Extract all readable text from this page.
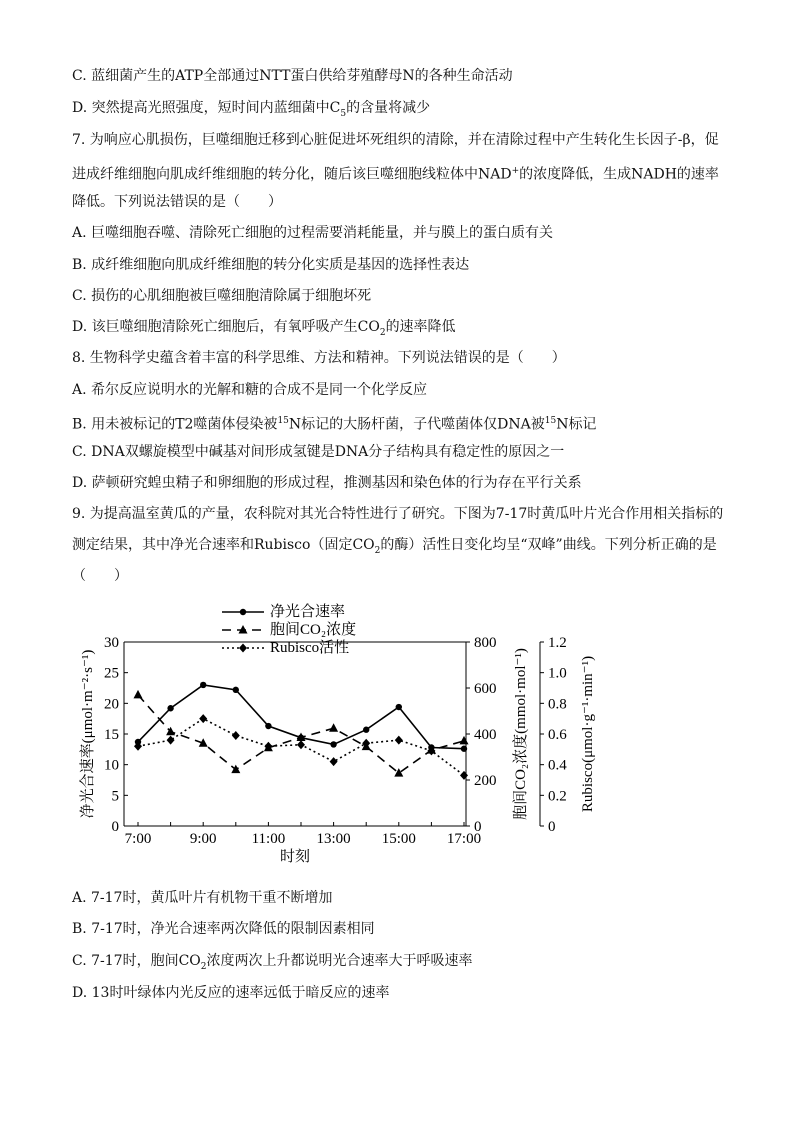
C. 蓝细菌产生的ATP全部通过NTT蛋白供给芽殖酵母N的各种生命活动
D. 突然提高光照强度，短时间内蓝细菌中$C_5$的含量将减少
7. 为响应心肌损伤，巨噬细胞迁移到心脏促进坏死组织的清除，并在清除过程中产生转化生长因子-β，促
进成纤维细胞向肌成纤维细胞的转分化，随后该巨噬细胞线粒体中NAD+的浓度降低，生成NADH的速率
降低。下列说法错误的是（　　）
A. 巨噬细胞吞噬、清除死亡细胞的过程需要消耗能量，并与膜上的蛋白质有关
B. 成纤维细胞向肌成纤维细胞的转分化实质是基因的选择性表达
C. 损伤的心肌细胞被巨噬细胞清除属于细胞坏死
D. 该巨噬细胞清除死亡细胞后，有氧呼吸产生$CO_2$的速率降低
8. 生物科学史蕴含着丰富的科学思维、方法和精神。下列说法错误的是（　　）
A. 希尔反应说明水的光解和糖的合成不是同一个化学反应
B. 用未被标记的T2噬菌体侵染被$^{15}$N标记的大肠杆菌，子代噬菌体仅DNA被$^{15}$N标记
C. DNA双螺旋模型中碱基对间形成氢键是DNA分子结构具有稳定性的原因之一
D. 萨顿研究蝗虫精子和卵细胞的形成过程，推测基因和染色体的行为存在平行关系
9. 为提高温室黄瓜的产量，农科院对其光合特性进行了研究。下图为7-17时黄瓜叶片光合作用相关指标的
测定结果，其中净光合速率和Rubisco（固定$CO_2$的酶）活性日变化均呈“双峰”曲线。下列分析正确的是
（　　）
0
5
10
15
20
25
30
0
200
400
600
800
0
0.2
0.4
0.6
0.8
1.0
1.2
7:00	9:00 11:00 13:00 15:00 17:00
时刻
净光合速率(μmol·m⁻²·s⁻¹)	胞间CO₂浓度(mmol·mol⁻¹)	Rubisco(μmol·g⁻¹·min⁻¹)
净光合速率
胞间CO₂浓度
Rubisco活性
A. 7-17时，黄瓜叶片有机物干重不断增加
B. 7-17时，净光合速率两次降低的限制因素相同
C. 7-17时，胞间$CO_2$浓度两次上升都说明光合速率大于呼吸速率
D. 13时叶绿体内光反应的速率远低于暗反应的速率
